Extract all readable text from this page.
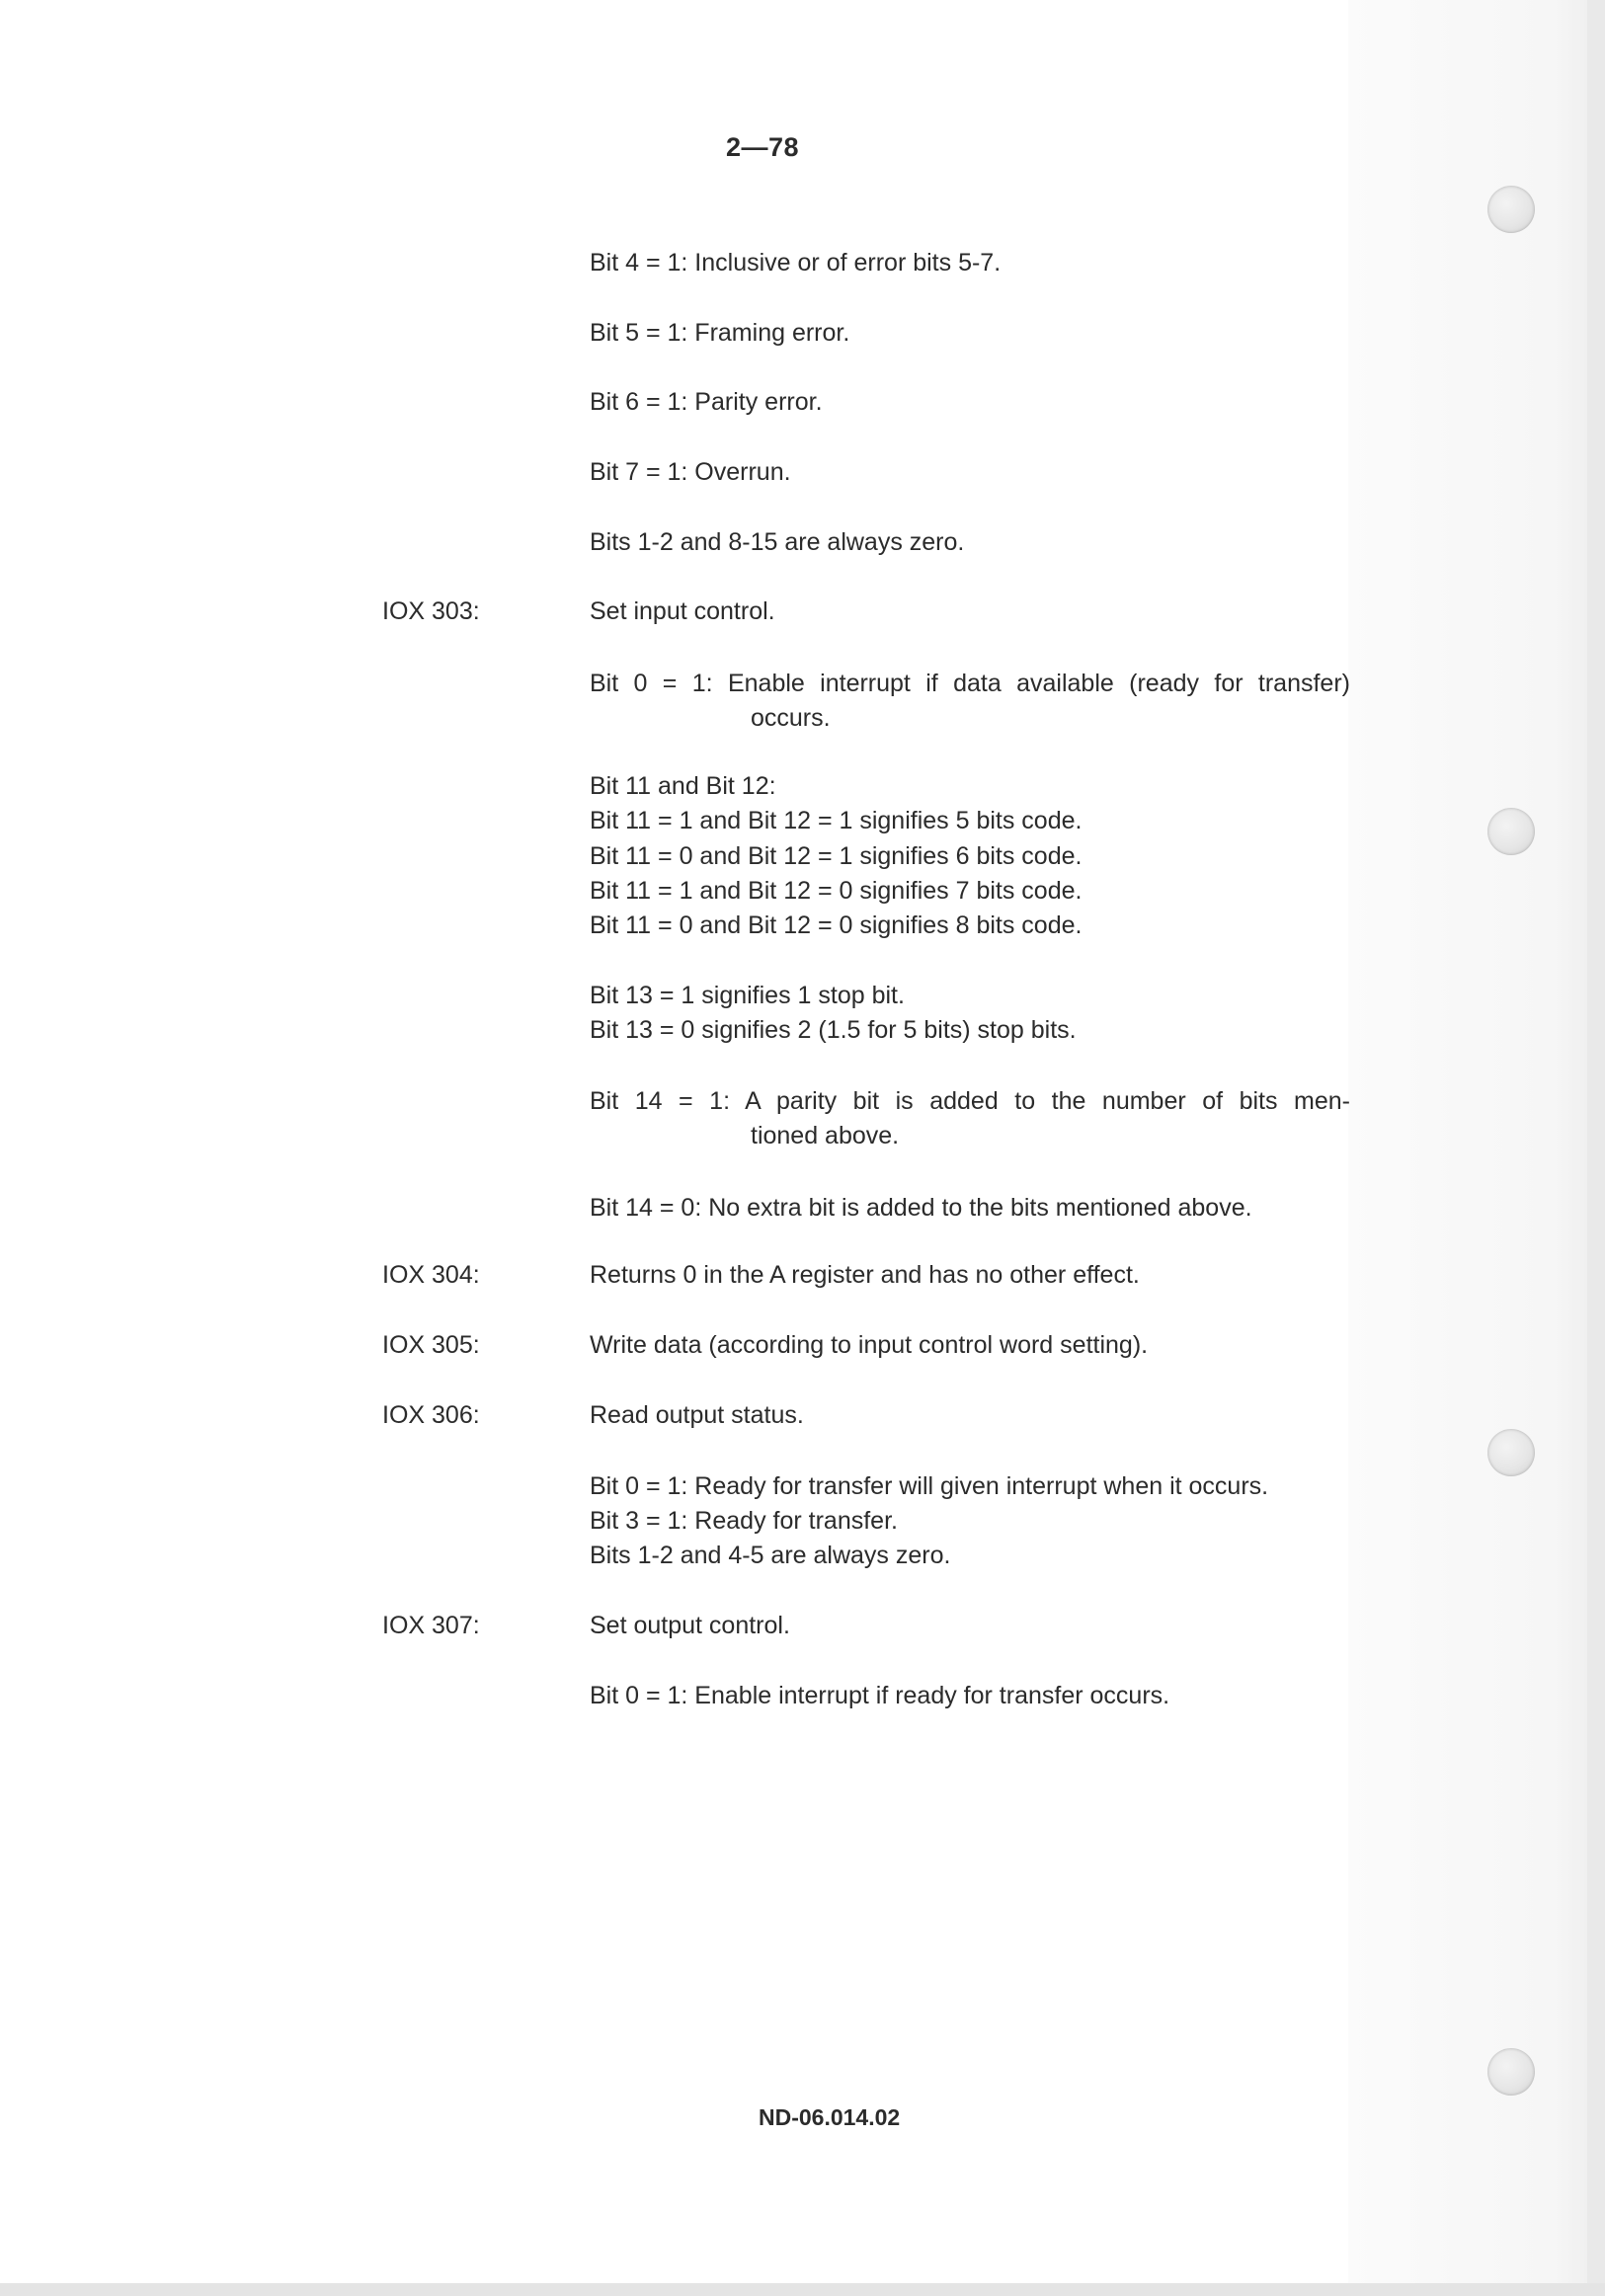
2—78
Bit 4 = 1: Inclusive or of error bits 5-7.
Bit 5 = 1: Framing error.
Bit 6 = 1: Parity error.
Bit 7 = 1: Overrun.
Bits 1-2 and 8-15 are always zero.
IOX 303:	Set input control.
Bit 0 = 1: Enable interrupt if data available (ready for transfer)
occurs.
Bit 11 and Bit 12:
Bit 11 = 1 and Bit 12 = 1 signifies 5 bits code.
Bit 11 = 0 and Bit 12 = 1 signifies 6 bits code.
Bit 11 = 1 and Bit 12 = 0 signifies 7 bits code.
Bit 11 = 0 and Bit 12 = 0 signifies 8 bits code.
Bit 13 = 1 signifies 1 stop bit.
Bit 13 = 0 signifies 2 (1.5 for 5 bits) stop bits.
Bit 14 = 1: A parity bit is added to the number of bits men-
tioned above.
Bit 14 = 0: No extra bit is added to the bits mentioned above.
IOX 304:	Returns 0 in the A register and has no other effect.
IOX 305:	Write data (according to input control word setting).
IOX 306:	Read output status.
Bit 0 = 1: Ready for transfer will given interrupt when it occurs.
Bit 3 = 1: Ready for transfer.
Bits 1-2 and 4-5 are always zero.
IOX 307:	Set output control.
Bit 0 = 1: Enable interrupt if ready for transfer occurs.
ND-06.014.02
